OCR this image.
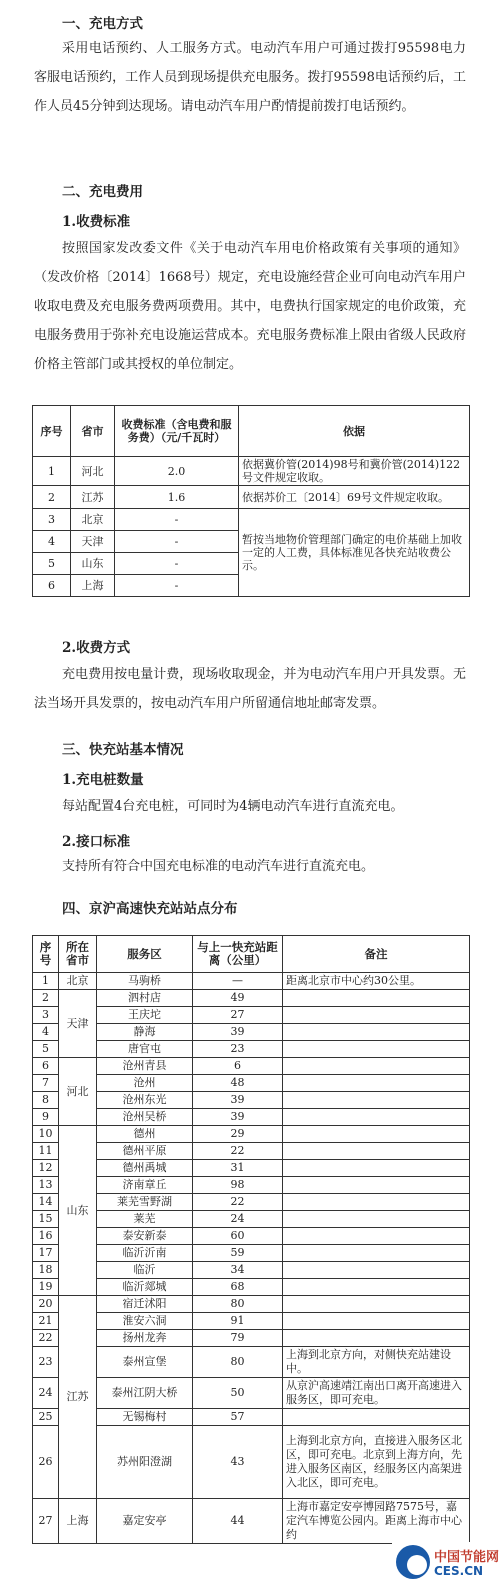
一、充电方式

采用电话预约、人工服务方式。电动汽车用户可通过拨打95598电力客服电话预约，工作人员到现场提供充电服务。拨打95598电话预约后，工作人员45分钟到达现场。请电动汽车用户酌情提前拨打电话预约。

二、充电费用
1.收费标准

按照国家发改委文件《关于电动汽车用电价格政策有关事项的通知》（发改价格〔2014〕1668号）规定，充电设施经营企业可向电动汽车用户收取电费及充电服务费两项费用。其中，电费执行国家规定的电价政策，充电服务费用于弥补充电设施运营成本。充电服务费标准上限由省级人民政府价格主管部门或其授权的单位制定。

序号	省市	收费标准（含电费和服务费）（元/千瓦时）	依据
1	河北	2.0	依据冀价管(2014)98号和冀价管(2014)122号文件规定收取。
2	江苏	1.6	依据苏价工〔2014〕69号文件规定收取。
3	北京	-	暂按当地物价管理部门确定的电价基础上加收一定的人工费，具体标准见各快充站收费公示。
4	天津	-	
5	山东	-	
6	上海	-	
2.收费方式

充电费用按电量计费，现场收取现金，并为电动汽车用户开具发票。无法当场开具发票的，按电动汽车用户所留通信地址邮寄发票。

三、快充站基本情况
1.充电桩数量

每站配置4台充电桩，可同时为4辆电动汽车进行直流充电。

2.接口标准

支持所有符合中国充电标准的电动汽车进行直流充电。

四、京沪高速快充站站点分布
序号	所在省市	服务区	与上一快充站距离（公里）	备注
1	北京	马驹桥	—	距离北京市中心约30公里。
2	天津	泗村店	49	
3		王庆坨	27	
4		静海	39	
5		唐官屯	23	
6	河北	沧州青县	6	
7		沧州	48	
8		沧州东光	39	
9		沧州吴桥	39	
10	山东	德州	29	
11		德州平原	22	
12		德州禹城	31	
13		济南章丘	98	
14		莱芜雪野湖	22	
15		莱芜	24	
16		泰安新泰	60	
17		临沂沂南	59	
18		临沂	34	
19		临沂郯城	68	
20	江苏	宿迁沭阳	80	
21		淮安六洞	91	
22		扬州龙奔	79	
23		泰州宣堡	80	上海到北京方向，对侧快充站建设中。
24		泰州江阴大桥	50	从京沪高速靖江南出口离开高速进入服务区，即可充电。
25		无锡梅村	57	
26		苏州阳澄湖	43	上海到北京方向，直接进入服务区北区，即可充电。北京到上海方向，先进入服务区南区，经服务区内高架进入北区，即可充电。
27	上海	嘉定安亭	44	上海市嘉定安亭博园路7575号，嘉定汽车博览公园内。距离上海市中心约
中国节能网
CES.CN
